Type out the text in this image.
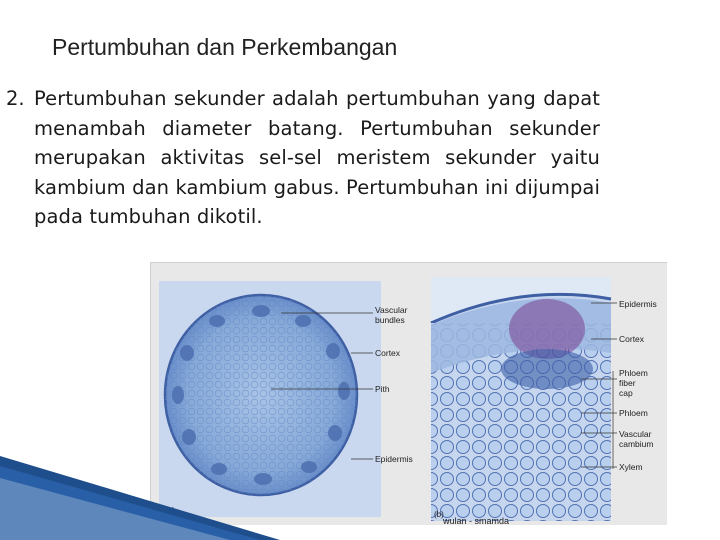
Pertumbuhan dan Perkembangan
2. Pertumbuhan sekunder adalah pertumbuhan yang dapat menambah diameter batang. Pertumbuhan sekunder merupakan aktivitas sel-sel meristem sekunder yaitu kambium dan kambium gabus. Pertumbuhan ini dijumpai pada tumbuhan dikotil.
Vascular bundles
Cortex
Pith
Epidermis
(b)
Epidermis
Cortex
Phloem fiber cap
Phloem
Vascular cambium
Xylem
wulan - smamda
